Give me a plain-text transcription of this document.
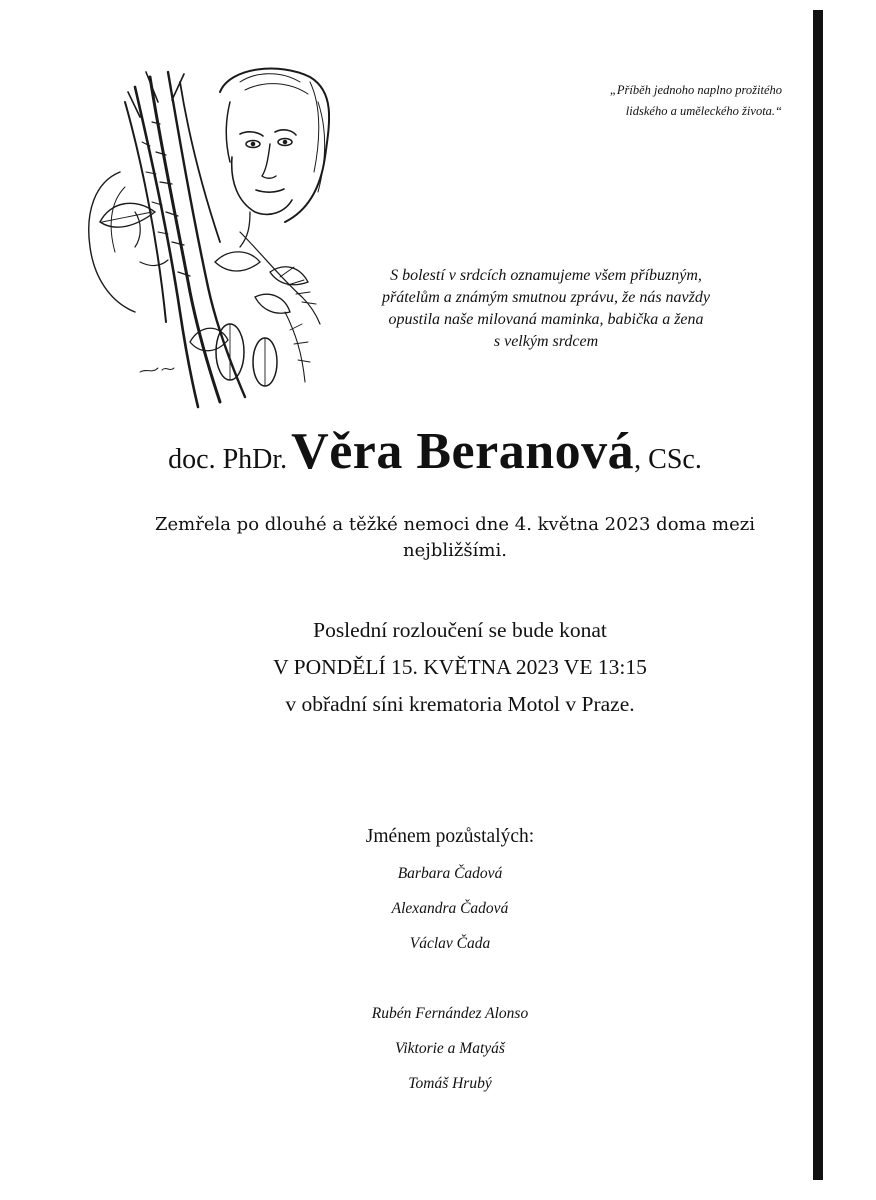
„Příběh jednoho naplno prožitého
lidského a uměleckého života.“
S bolestí v srdcích oznamujeme všem příbuzným,
přátelům a známým smutnou zprávu, že nás navždy
opustila naše milovaná maminka, babička a žena
s velkým srdcem
doc. PhDr. Věra Beranová, CSc.
Zemřela po dlouhé a těžké nemoci dne 4. května 2023 doma mezi
nejbližšími.
Poslední rozloučení se bude konat
V PONDĚLÍ 15. KVĚTNA 2023 VE 13:15
v obřadní síni krematoria Motol v Praze.
Jménem pozůstalých:
Barbara Čadová
Alexandra Čadová
Václav Čada
Rubén Fernández Alonso
Viktorie a Matyáš
Tomáš Hrubý
